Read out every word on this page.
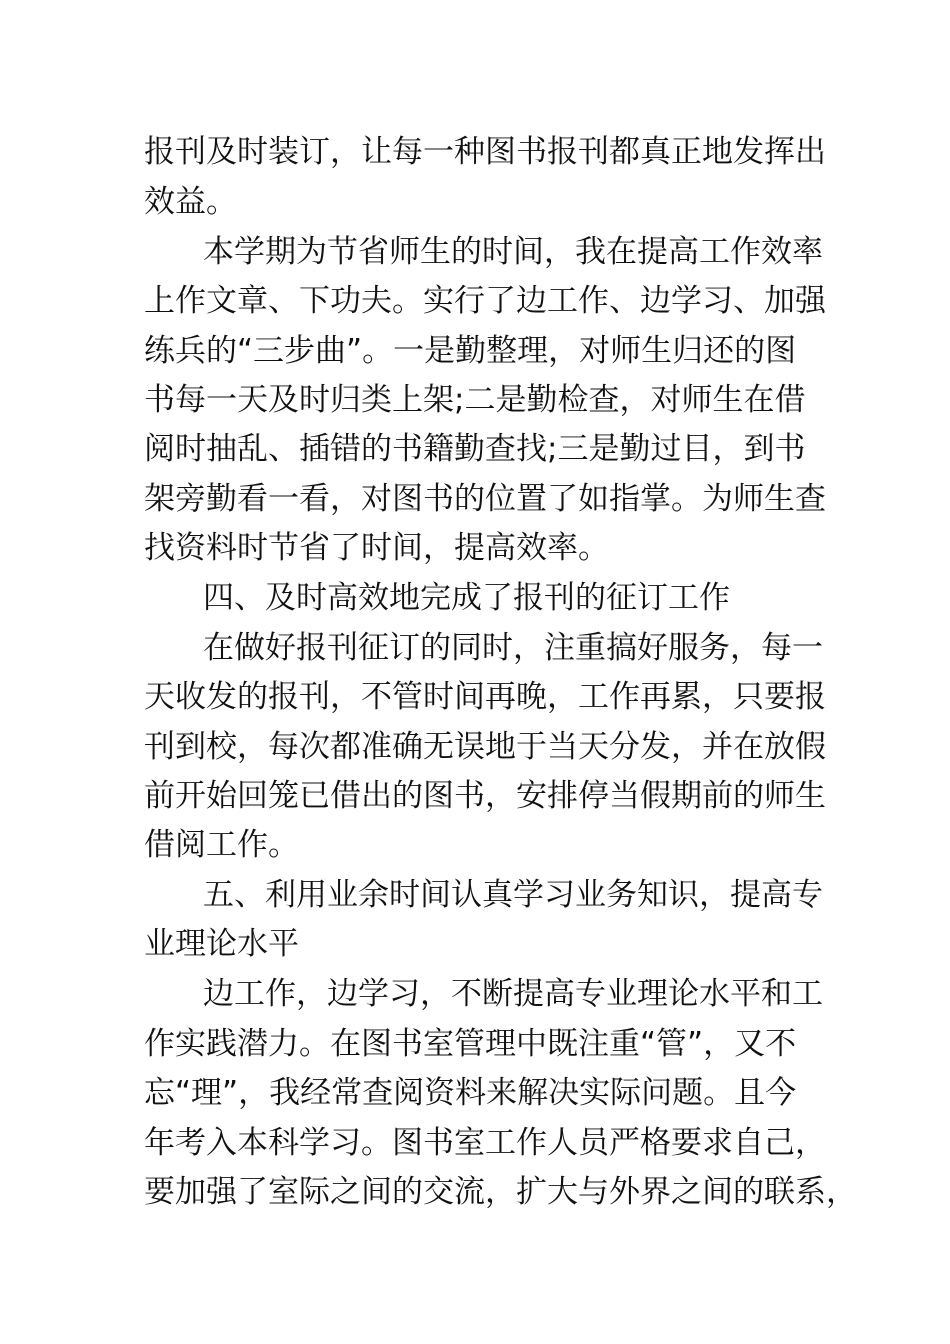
报刊及时装订，让每一种图书报刊都真正地发挥出
效益。
本学期为节省师生的时间，我在提高工作效率
上作文章、下功夫。实行了边工作、边学习、加强
练兵的“三步曲”。一是勤整理，对师生归还的图
书每一天及时归类上架;二是勤检查，对师生在借
阅时抽乱、插错的书籍勤查找;三是勤过目，到书
架旁勤看一看，对图书的位置了如指掌。为师生查
找资料时节省了时间，提高效率。
四、及时高效地完成了报刊的征订工作
在做好报刊征订的同时，注重搞好服务，每一
天收发的报刊，不管时间再晚，工作再累，只要报
刊到校，每次都准确无误地于当天分发，并在放假
前开始回笼已借出的图书，安排停当假期前的师生
借阅工作。
五、利用业余时间认真学习业务知识，提高专
业理论水平
边工作，边学习，不断提高专业理论水平和工
作实践潜力。在图书室管理中既注重“管”，又不
忘“理”，我经常查阅资料来解决实际问题。且今
年考入本科学习。图书室工作人员严格要求自己，
要加强了室际之间的交流，扩大与外界之间的联系，
